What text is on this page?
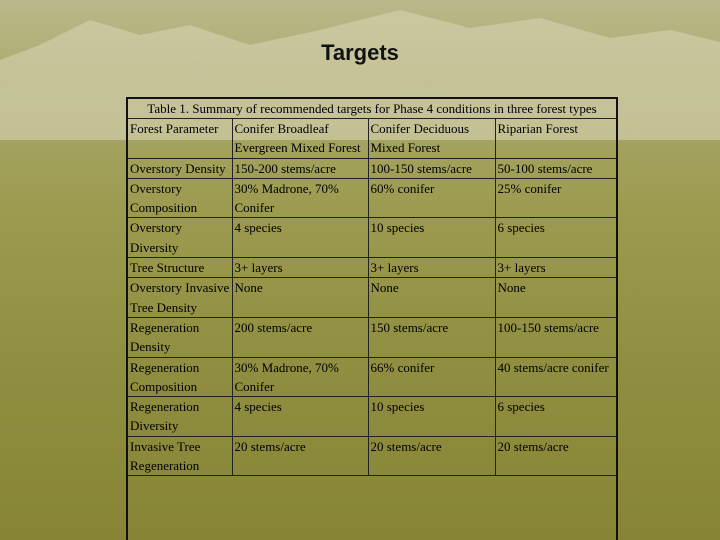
Targets
Table 1. Summary of recommended targets for Phase 4 conditions in three forest types
Forest Parameter	Conifer Broadleaf Evergreen Mixed Forest	Conifer Deciduous Mixed Forest	Riparian Forest
Overstory Density	150-200 stems/acre	100-150 stems/acre	50-100 stems/acre
Overstory Composition	30% Madrone, 70% Conifer	60% conifer	25% conifer
Overstory Diversity	4 species	10 species	6 species
Tree Structure	3+ layers	3+ layers	3+ layers
Overstory Invasive Tree Density	None	None	None
Regeneration Density	200 stems/acre	150 stems/acre	100-150 stems/acre
Regeneration Composition	30% Madrone, 70% Conifer	66% conifer	40 stems/acre conifer
Regeneration Diversity	4 species	10 species	6 species
Invasive Tree Regeneration	20 stems/acre	20 stems/acre	20 stems/acre
